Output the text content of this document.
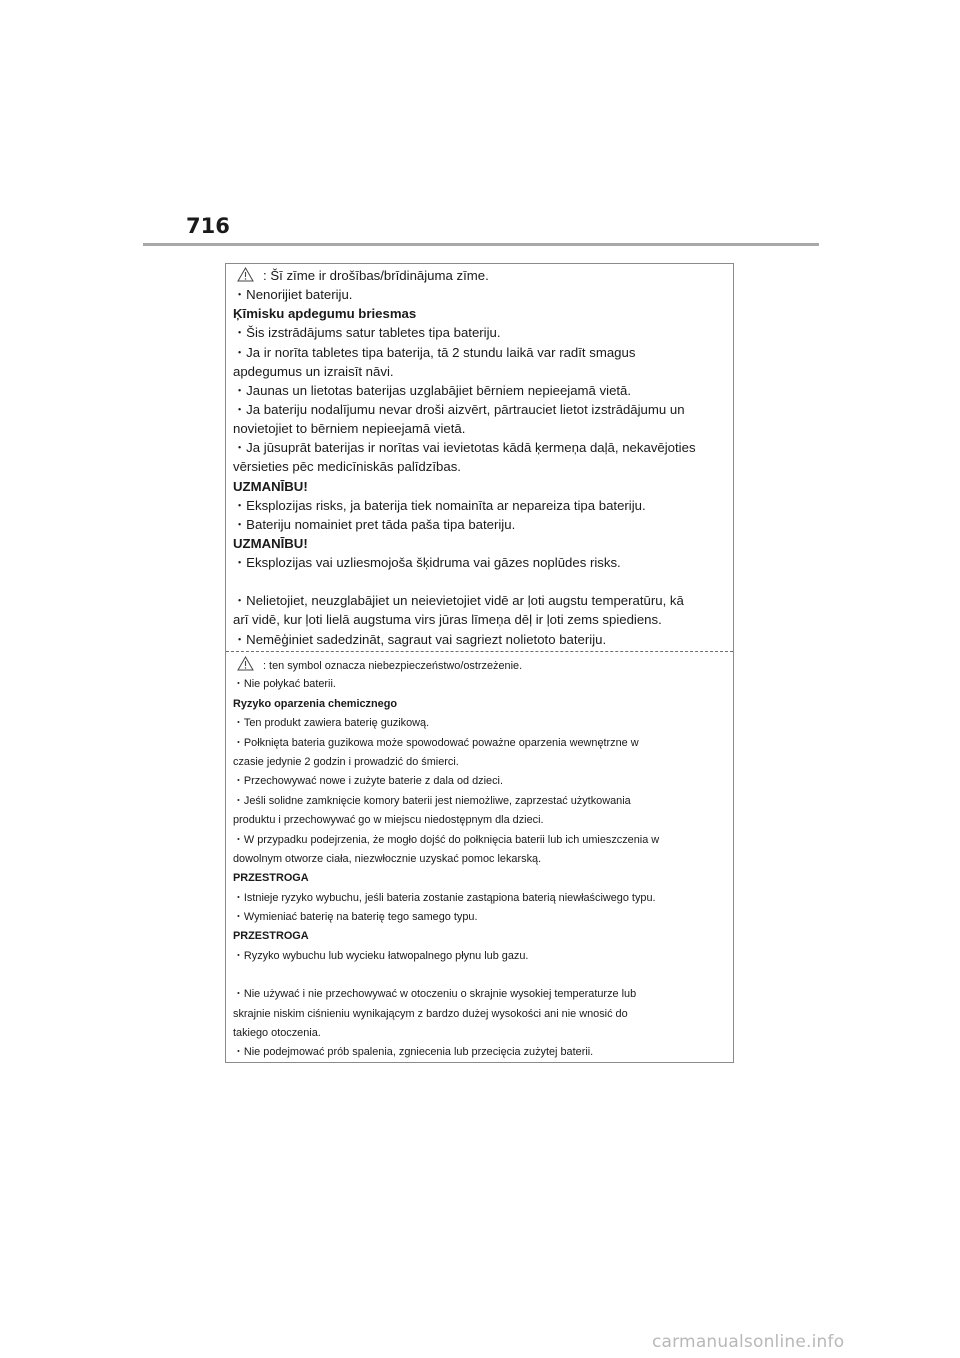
716
: Šī zīme ir drošības/brīdinājuma zīme.
・Nenorijiet bateriju.
Ķīmisku apdegumu briesmas
・Šis izstrādājums satur tabletes tipa bateriju.
・Ja ir norīta tabletes tipa baterija, tā 2 stundu laikā var radīt smagus
apdegumus un izraisīt nāvi.
・Jaunas un lietotas baterijas uzglabājiet bērniem nepieejamā vietā.
・Ja bateriju nodalījumu nevar droši aizvērt, pārtrauciet lietot izstrādājumu un
novietojiet to bērniem nepieejamā vietā.
・Ja jūsuprāt baterijas ir norītas vai ievietotas kādā ķermeņa daļā, nekavējoties
vērsieties pēc medicīniskās palīdzības.
UZMANĪBU!
・Eksplozijas risks, ja baterija tiek nomainīta ar nepareiza tipa bateriju.
・Bateriju nomainiet pret tāda paša tipa bateriju.
UZMANĪBU!
・Eksplozijas vai uzliesmojoša šķidruma vai gāzes noplūdes risks.
・Nelietojiet, neuzglabājiet un neievietojiet vidē ar ļoti augstu temperatūru, kā
arī vidē, kur ļoti lielā augstuma virs jūras līmeņa dēļ ir ļoti zems spiediens.
・Nemēģiniet sadedzināt, sagraut vai sagriezt nolietoto bateriju.
: ten symbol oznacza niebezpieczeństwo/ostrzeżenie.
・Nie połykać baterii.
Ryzyko oparzenia chemicznego
・Ten produkt zawiera baterię guzikową.
・Połknięta bateria guzikowa może spowodować poważne oparzenia wewnętrzne w
czasie jedynie 2 godzin i prowadzić do śmierci.
・Przechowywać nowe i zużyte baterie z dala od dzieci.
・Jeśli solidne zamknięcie komory baterii jest niemożliwe, zaprzestać użytkowania
produktu i przechowywać go w miejscu niedostępnym dla dzieci.
・W przypadku podejrzenia, że mogło dojść do połknięcia baterii lub ich umieszczenia w
dowolnym otworze ciała, niezwłocznie uzyskać pomoc lekarską.
PRZESTROGA
・Istnieje ryzyko wybuchu, jeśli bateria zostanie zastąpiona baterią niewłaściwego typu.
・Wymieniać baterię na baterię tego samego typu.
PRZESTROGA
・Ryzyko wybuchu lub wycieku łatwopalnego płynu lub gazu.
・Nie używać i nie przechowywać w otoczeniu o skrajnie wysokiej temperaturze lub
skrajnie niskim ciśnieniu wynikającym z bardzo dużej wysokości ani nie wnosić do
takiego otoczenia.
・Nie podejmować prób spalenia, zgniecenia lub przecięcia zużytej baterii.
carmanualsonline.info
